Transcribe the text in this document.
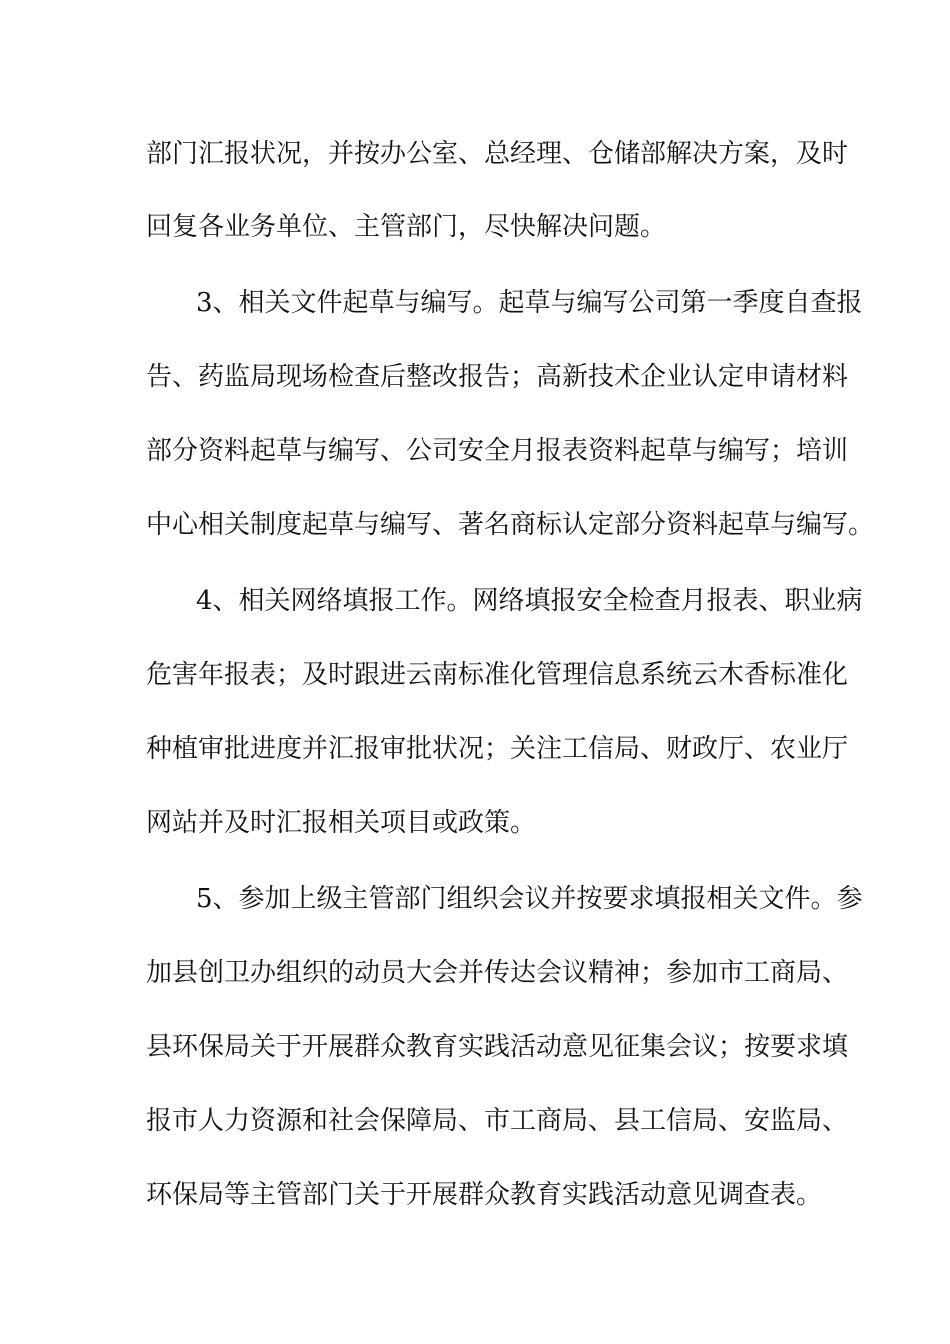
部门汇报状况，并按办公室、总经理、仓储部解决方案，及时
回复各业务单位、主管部门，尽快解决问题。
3、相关文件起草与编写。起草与编写公司第一季度自查报
告、药监局现场检查后整改报告；高新技术企业认定申请材料
部分资料起草与编写、公司安全月报表资料起草与编写；培训
中心相关制度起草与编写、著名商标认定部分资料起草与编写。
4、相关网络填报工作。网络填报安全检查月报表、职业病
危害年报表；及时跟进云南标准化管理信息系统云木香标准化
种植审批进度并汇报审批状况；关注工信局、财政厅、农业厅
网站并及时汇报相关项目或政策。
5、参加上级主管部门组织会议并按要求填报相关文件。参
加县创卫办组织的动员大会并传达会议精神；参加市工商局、
县环保局关于开展群众教育实践活动意见征集会议；按要求填
报市人力资源和社会保障局、市工商局、县工信局、安监局、
环保局等主管部门关于开展群众教育实践活动意见调查表。
